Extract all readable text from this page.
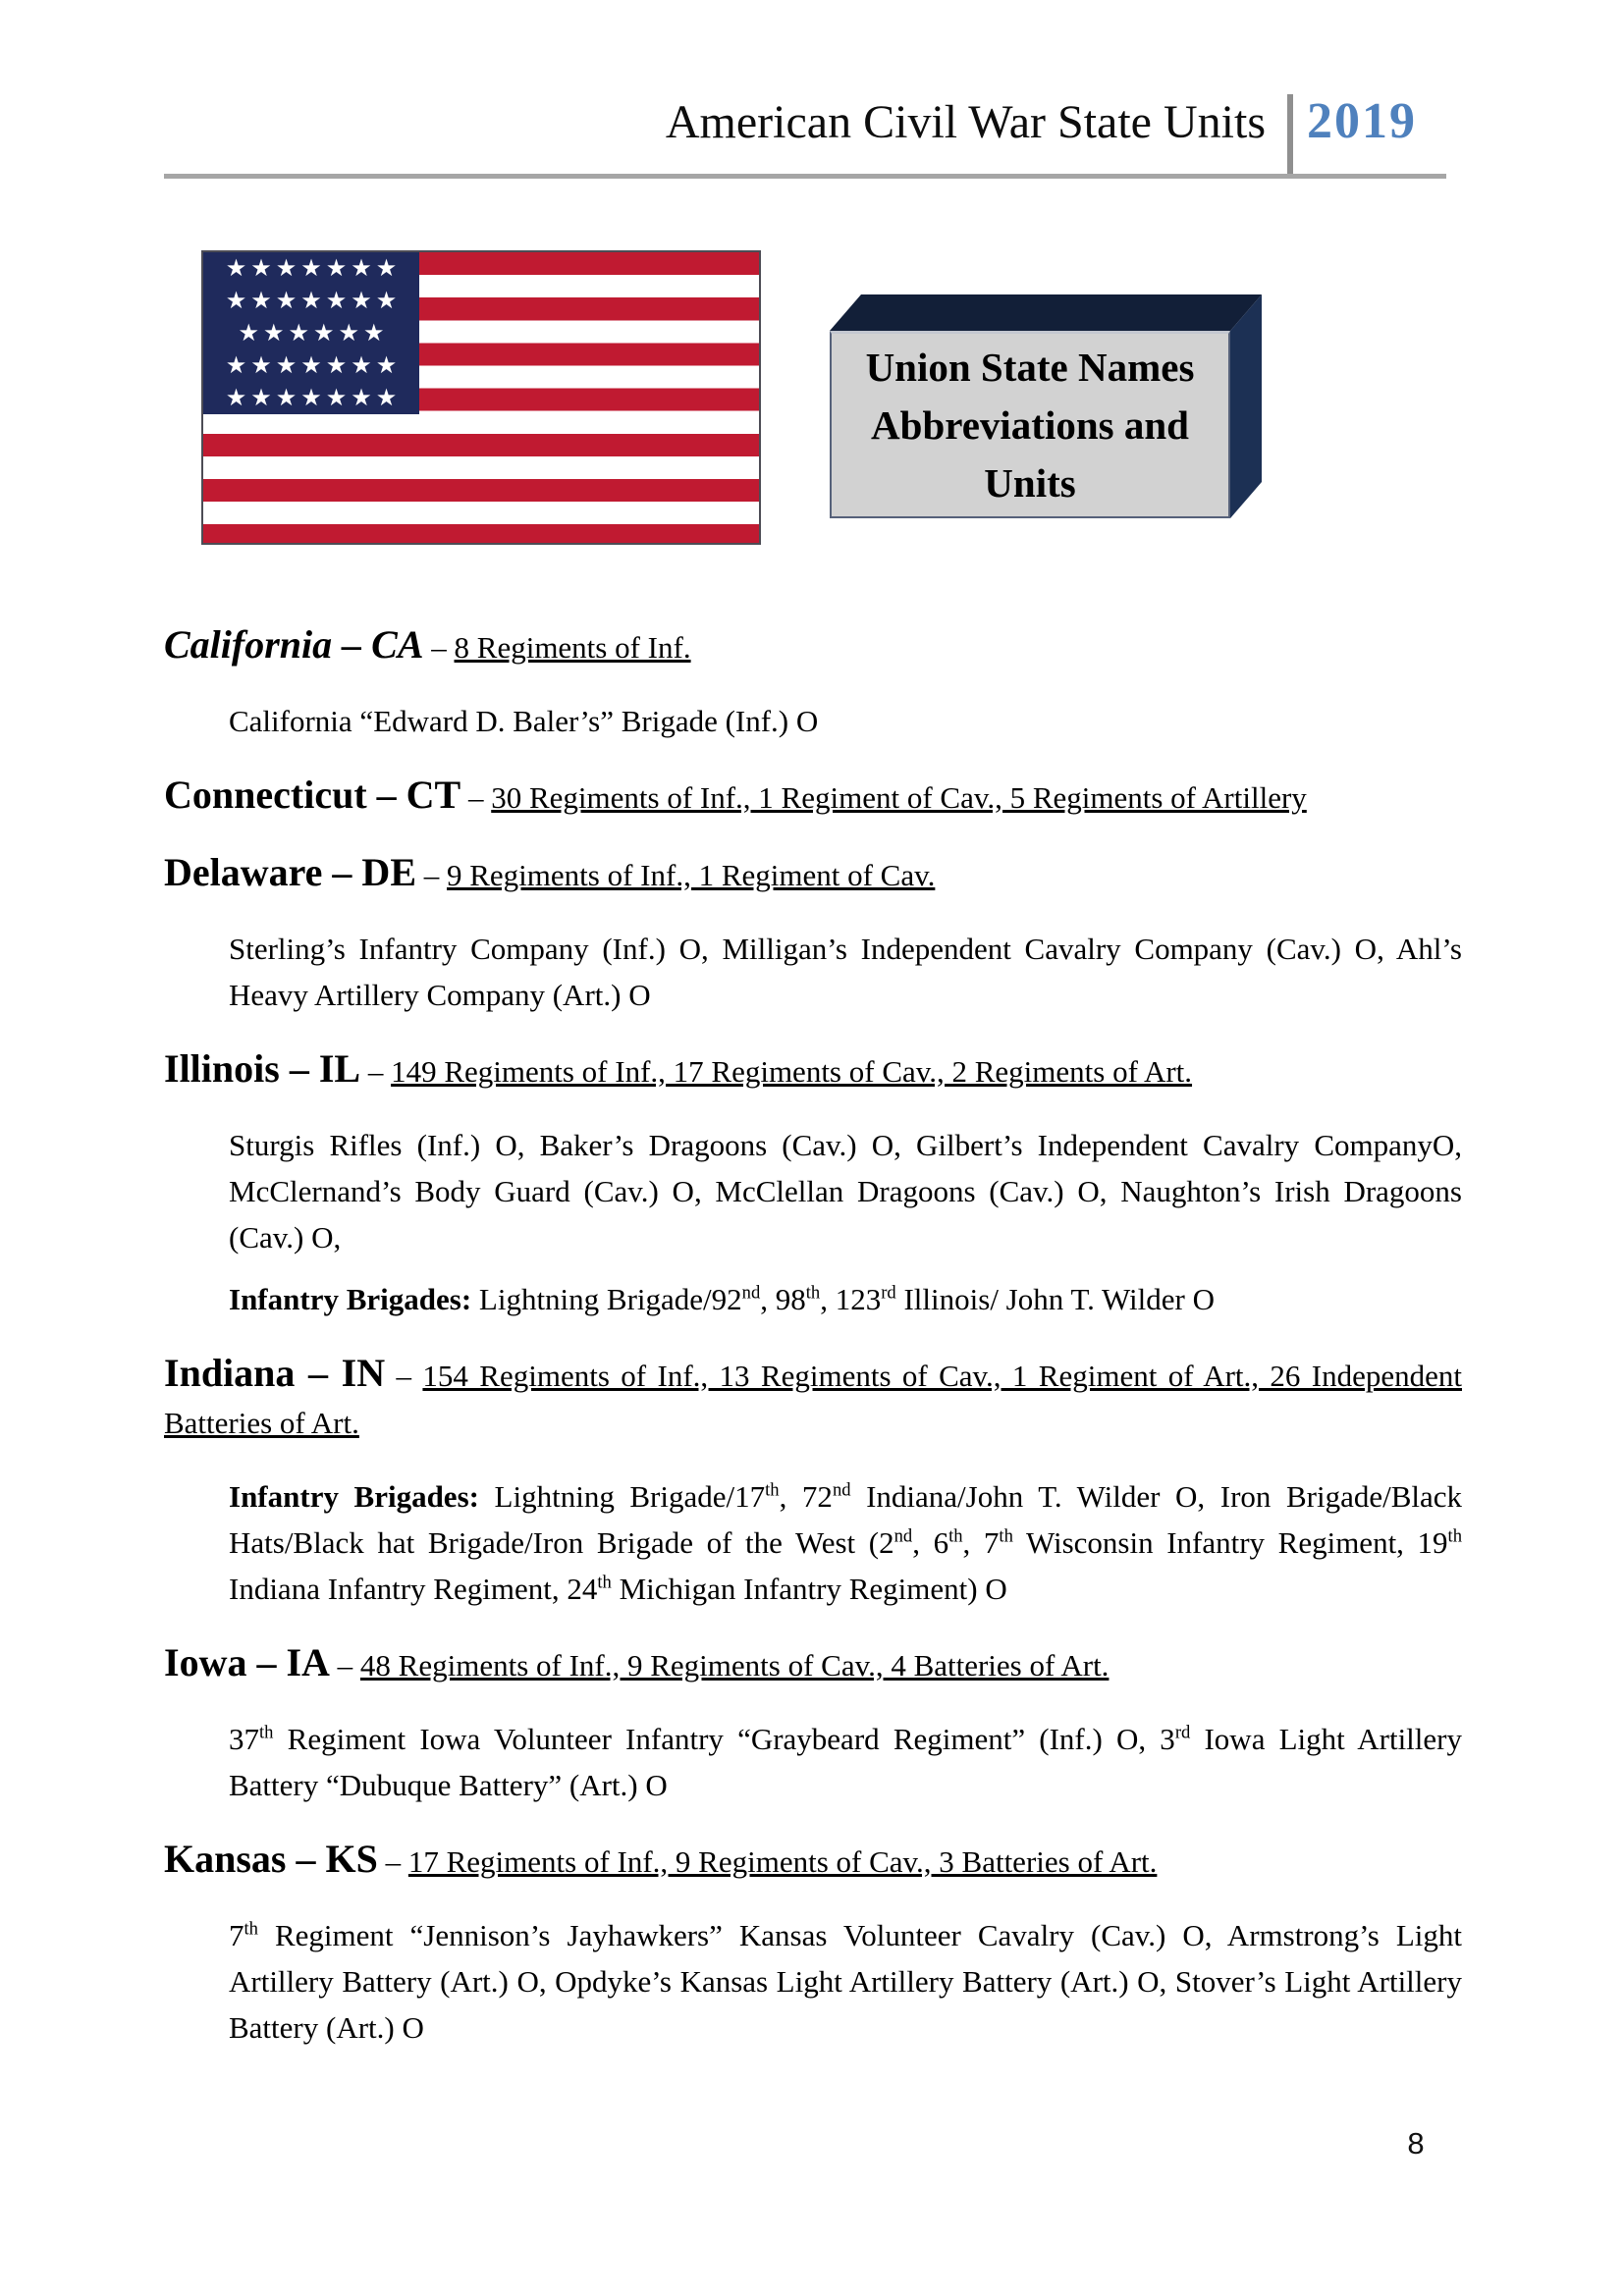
American Civil War State Units 2019
★★★★★★★
★★★★★★★
★★★★★★
★★★★★★★
★★★★★★★
Union State Names
Abbreviations and
Units

California – CA – 8 Regiments of Inf.

California “Edward D. Baler’s” Brigade (Inf.) O

Connecticut – CT – 30 Regiments of Inf., 1 Regiment of Cav., 5 Regiments of Artillery

Delaware – DE – 9 Regiments of Inf., 1 Regiment of Cav.

Sterling’s Infantry Company (Inf.) O, Milligan’s Independent Cavalry Company (Cav.) O, Ahl’s Heavy Artillery Company (Art.) O

Illinois – IL – 149 Regiments of Inf., 17 Regiments of Cav., 2 Regiments of Art.

Sturgis Rifles (Inf.) O, Baker’s Dragoons (Cav.) O, Gilbert’s Independent Cavalry CompanyO, McClernand’s Body Guard (Cav.) O, McClellan Dragoons (Cav.) O, Naughton’s Irish Dragoons (Cav.) O,

Infantry Brigades: Lightning Brigade/92nd, 98th, 123rd Illinois/ John T. Wilder O

Indiana – IN – 154 Regiments of Inf., 13 Regiments of Cav., 1 Regiment of Art., 26 Independent Batteries of Art.

Infantry Brigades: Lightning Brigade/17th, 72nd Indiana/John T. Wilder O, Iron Brigade/Black Hats/Black hat Brigade/Iron Brigade of the West (2nd, 6th, 7th Wisconsin Infantry Regiment, 19th Indiana Infantry Regiment, 24th Michigan Infantry Regiment) O

Iowa – IA – 48 Regiments of Inf., 9 Regiments of Cav., 4 Batteries of Art.

37th Regiment Iowa Volunteer Infantry “Graybeard Regiment” (Inf.) O, 3rd Iowa Light Artillery Battery “Dubuque Battery” (Art.) O

Kansas – KS – 17 Regiments of Inf., 9 Regiments of Cav., 3 Batteries of Art.

7th Regiment “Jennison’s Jayhawkers” Kansas Volunteer Cavalry (Cav.) O, Armstrong’s Light Artillery Battery (Art.) O, Opdyke’s Kansas Light Artillery Battery (Art.) O, Stover’s Light Artillery Battery (Art.) O

8
